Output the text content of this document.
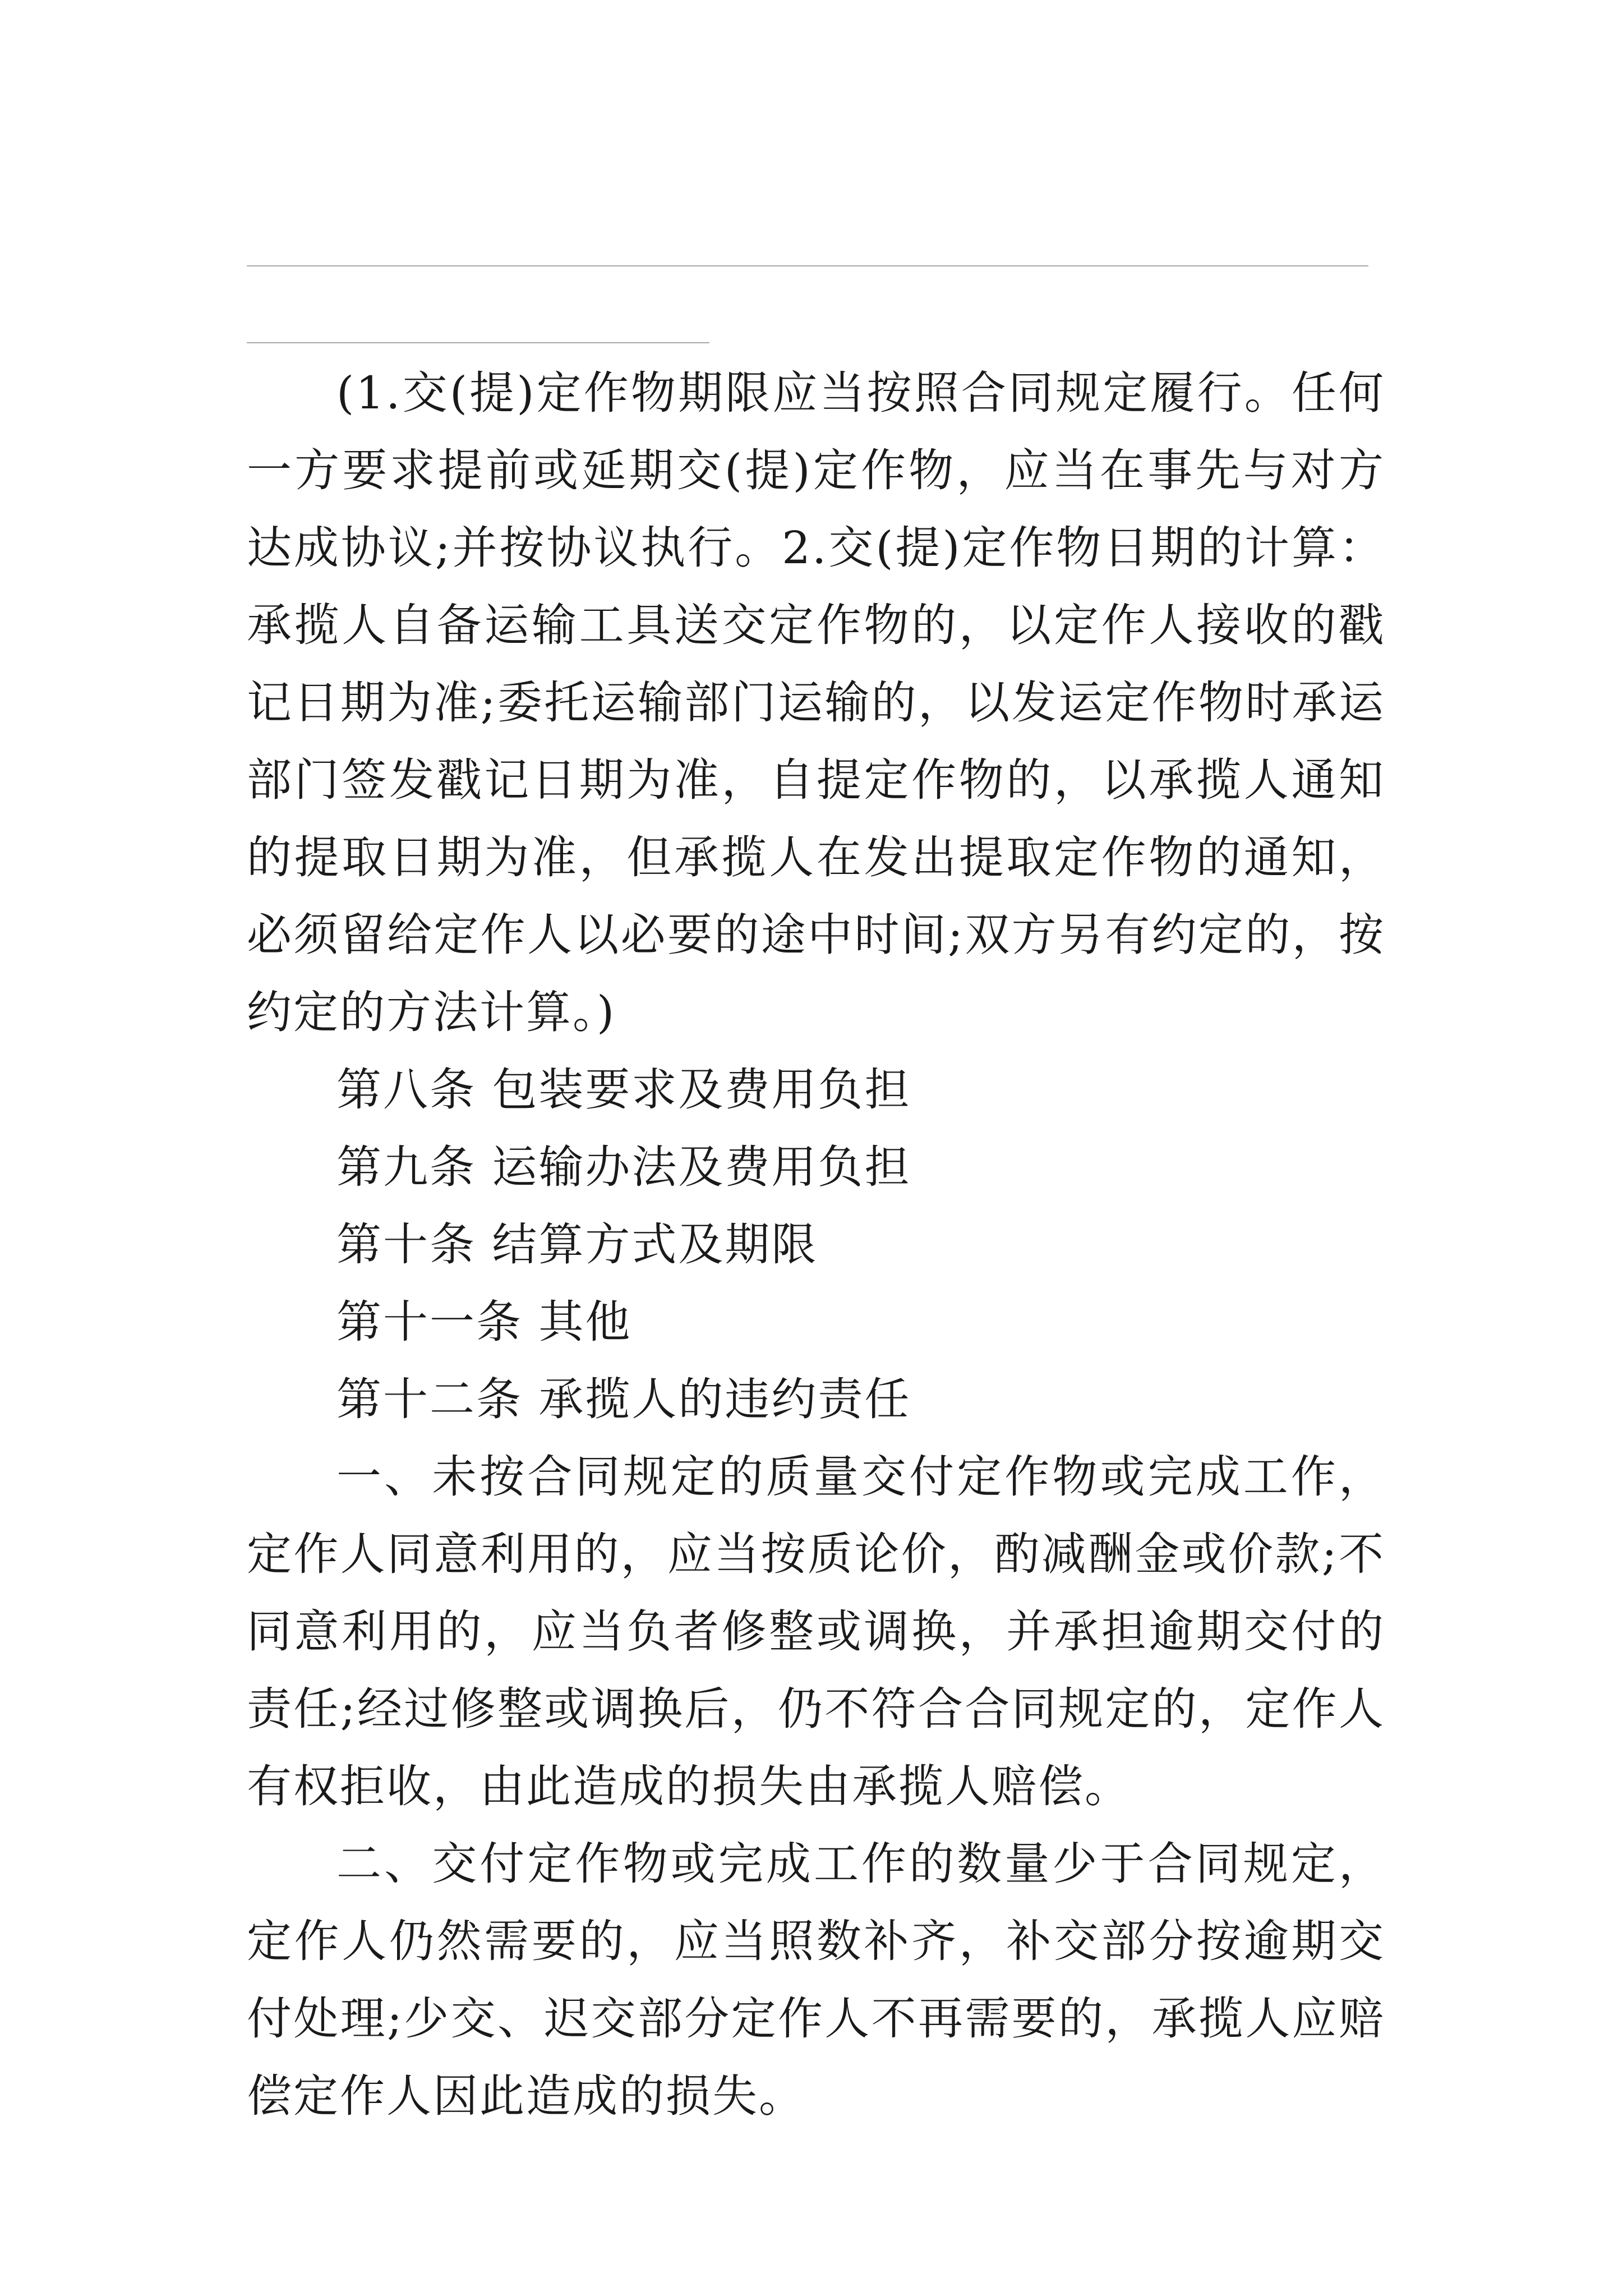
(1.交(提)定作物期限应当按照合同规定履行。任何一方要求提前或延期交(提)定作物，应当在事先与对方达成协议;并按协议执行。2.交(提)定作物日期的计算：承揽人自备运输工具送交定作物的，以定作人接收的戳记日期为准;委托运输部门运输的，以发运定作物时承运部门签发戳记日期为准，自提定作物的，以承揽人通知的提取日期为准，但承揽人在发出提取定作物的通知，必须留给定作人以必要的途中时间;双方另有约定的，按约定的方法计算。)

第八条 包装要求及费用负担

第九条 运输办法及费用负担

第十条 结算方式及期限

第十一条 其他

第十二条 承揽人的违约责任

一、未按合同规定的质量交付定作物或完成工作，定作人同意利用的，应当按质论价，酌减酬金或价款;不同意利用的，应当负者修整或调换，并承担逾期交付的责任;经过修整或调换后，仍不符合合同规定的，定作人有权拒收，由此造成的损失由承揽人赔偿。

二、交付定作物或完成工作的数量少于合同规定，定作人仍然需要的，应当照数补齐，补交部分按逾期交付处理;少交、迟交部分定作人不再需要的，承揽人应赔偿定作人因此造成的损失。
